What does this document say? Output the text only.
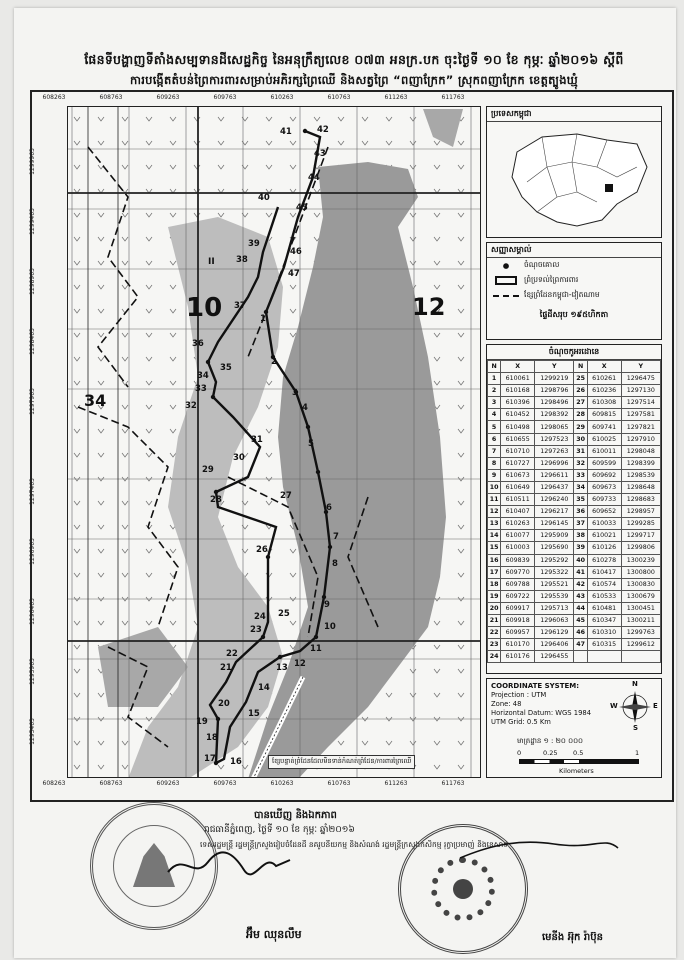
ផែនទីបង្ហាញទីតាំងសម្បទានដីសេដ្ឋកិច្ច នៃអនុក្រឹត្យលេខ ០៧៣ អនក្រ.បក ចុះថ្ងៃទី ១០ ខែ កុម្ភៈ ឆ្នាំ២០១៦ ស្តីពី
ការបង្កើតតំបន់ព្រៃការពារសម្រាប់អភិរក្សព្រៃឈើ និងសត្វព្រៃ “ពញាក្រែក” ស្រុកពញាក្រែក ខេត្តត្បូងឃ្មុំ
608263	608763	609263	609763	610263	610763	611263	611763
608263	608763	609263	609763	610263	610763	611263	611763
1299963
1299463
1298963
1298463
1297963
1297463
1296963
1296463
1295963
1295463
10	12
34
II
1
2
3
4
5
6
7
8
9
10
11
12
13
14
15
16
17
18
19
20
21
22
23
24 25
26
27
28
29
30
31
32
33
34
35
36
37
38
39
40
41	42
43
44
45
46
47
ខ្សែបន្ទាត់ព្រំដែនដែលមិនទាន់កំណត់ព្រំដែន/ការពារព្រៃឈើ
ប្រទេសកម្ពុជា
សញ្ញាសម្គាល់
●	ចំណុចគោល
ព្រំប្រទល់ព្រៃការពារ
ខ្សែព្រំដែនកម្ពុជា-វៀតណាម
ផ្ទៃដីសរុប ១៩៥ហិកតា
ចំណុចកូអរដោនេ
N	X	Y	N	X	Y
1	610061	1299219	25	610261	1296475
2	610168	1298796	26	610236	1297130
3	610396	1298496	27	610308	1297514
4	610452	1298392	28	609815	1297581
5	610498	1298065	29	609741	1297821
6	610655	1297523	30	610025	1297910
7	610710	1297263	31	610011	1298048
8	610727	1296996	32	609599	1298399
9	610673	1296611	33	609692	1298539
10	610649	1296437	34	609673	1298648
11	610511	1296240	35	609733	1298683
12	610407	1296217	36	609652	1298957
13	610263	1296145	37	610033	1299285
14	610077	1295909	38	610021	1299717
15	610003	1295690	39	610126	1299806
16	609839	1295292	40	610278	1300239
17	609770	1295322	41	610417	1300800
18	609788	1295521	42	610574	1300830
19	609722	1295539	43	610533	1300679
20	609917	1295713	44	610481	1300451
21	609918	1296063	45	610347	1300211
22	609957	1296129	46	610310	1299763
23	610170	1296406	47	610315	1299612
24	610176	1296455			
COORDINATE SYSTEM:
Projection : UTM
Zone: 48
Horizontal Datum: WGS 1984
UTM Grid: 0.5 Km
N
S
W	E
មាត្រដ្ឋាន ១ : ២០ ០០០
0	0.25 0.5	1
Kilometers
បានឃើញ និងឯកភាព
រាជធានីភ្នំពេញ, ថ្ងៃទី ១០ ខែ កុម្ភៈ ឆ្នាំ២០១៦
ទេសរដ្ឋមន្ត្រី រដ្ឋមន្ត្រីក្រសួងរៀបចំដែនដី នគរូបនីយកម្ម និងសំណង់ រដ្ឋមន្ត្រីក្រសួងកសិកម្ម រុក្ខាប្រមាញ់ និងនេសាទ
អ៊ឹម ឈុនលឹម	មេនីង អ៊ុក រ៉ាប៊ុន
